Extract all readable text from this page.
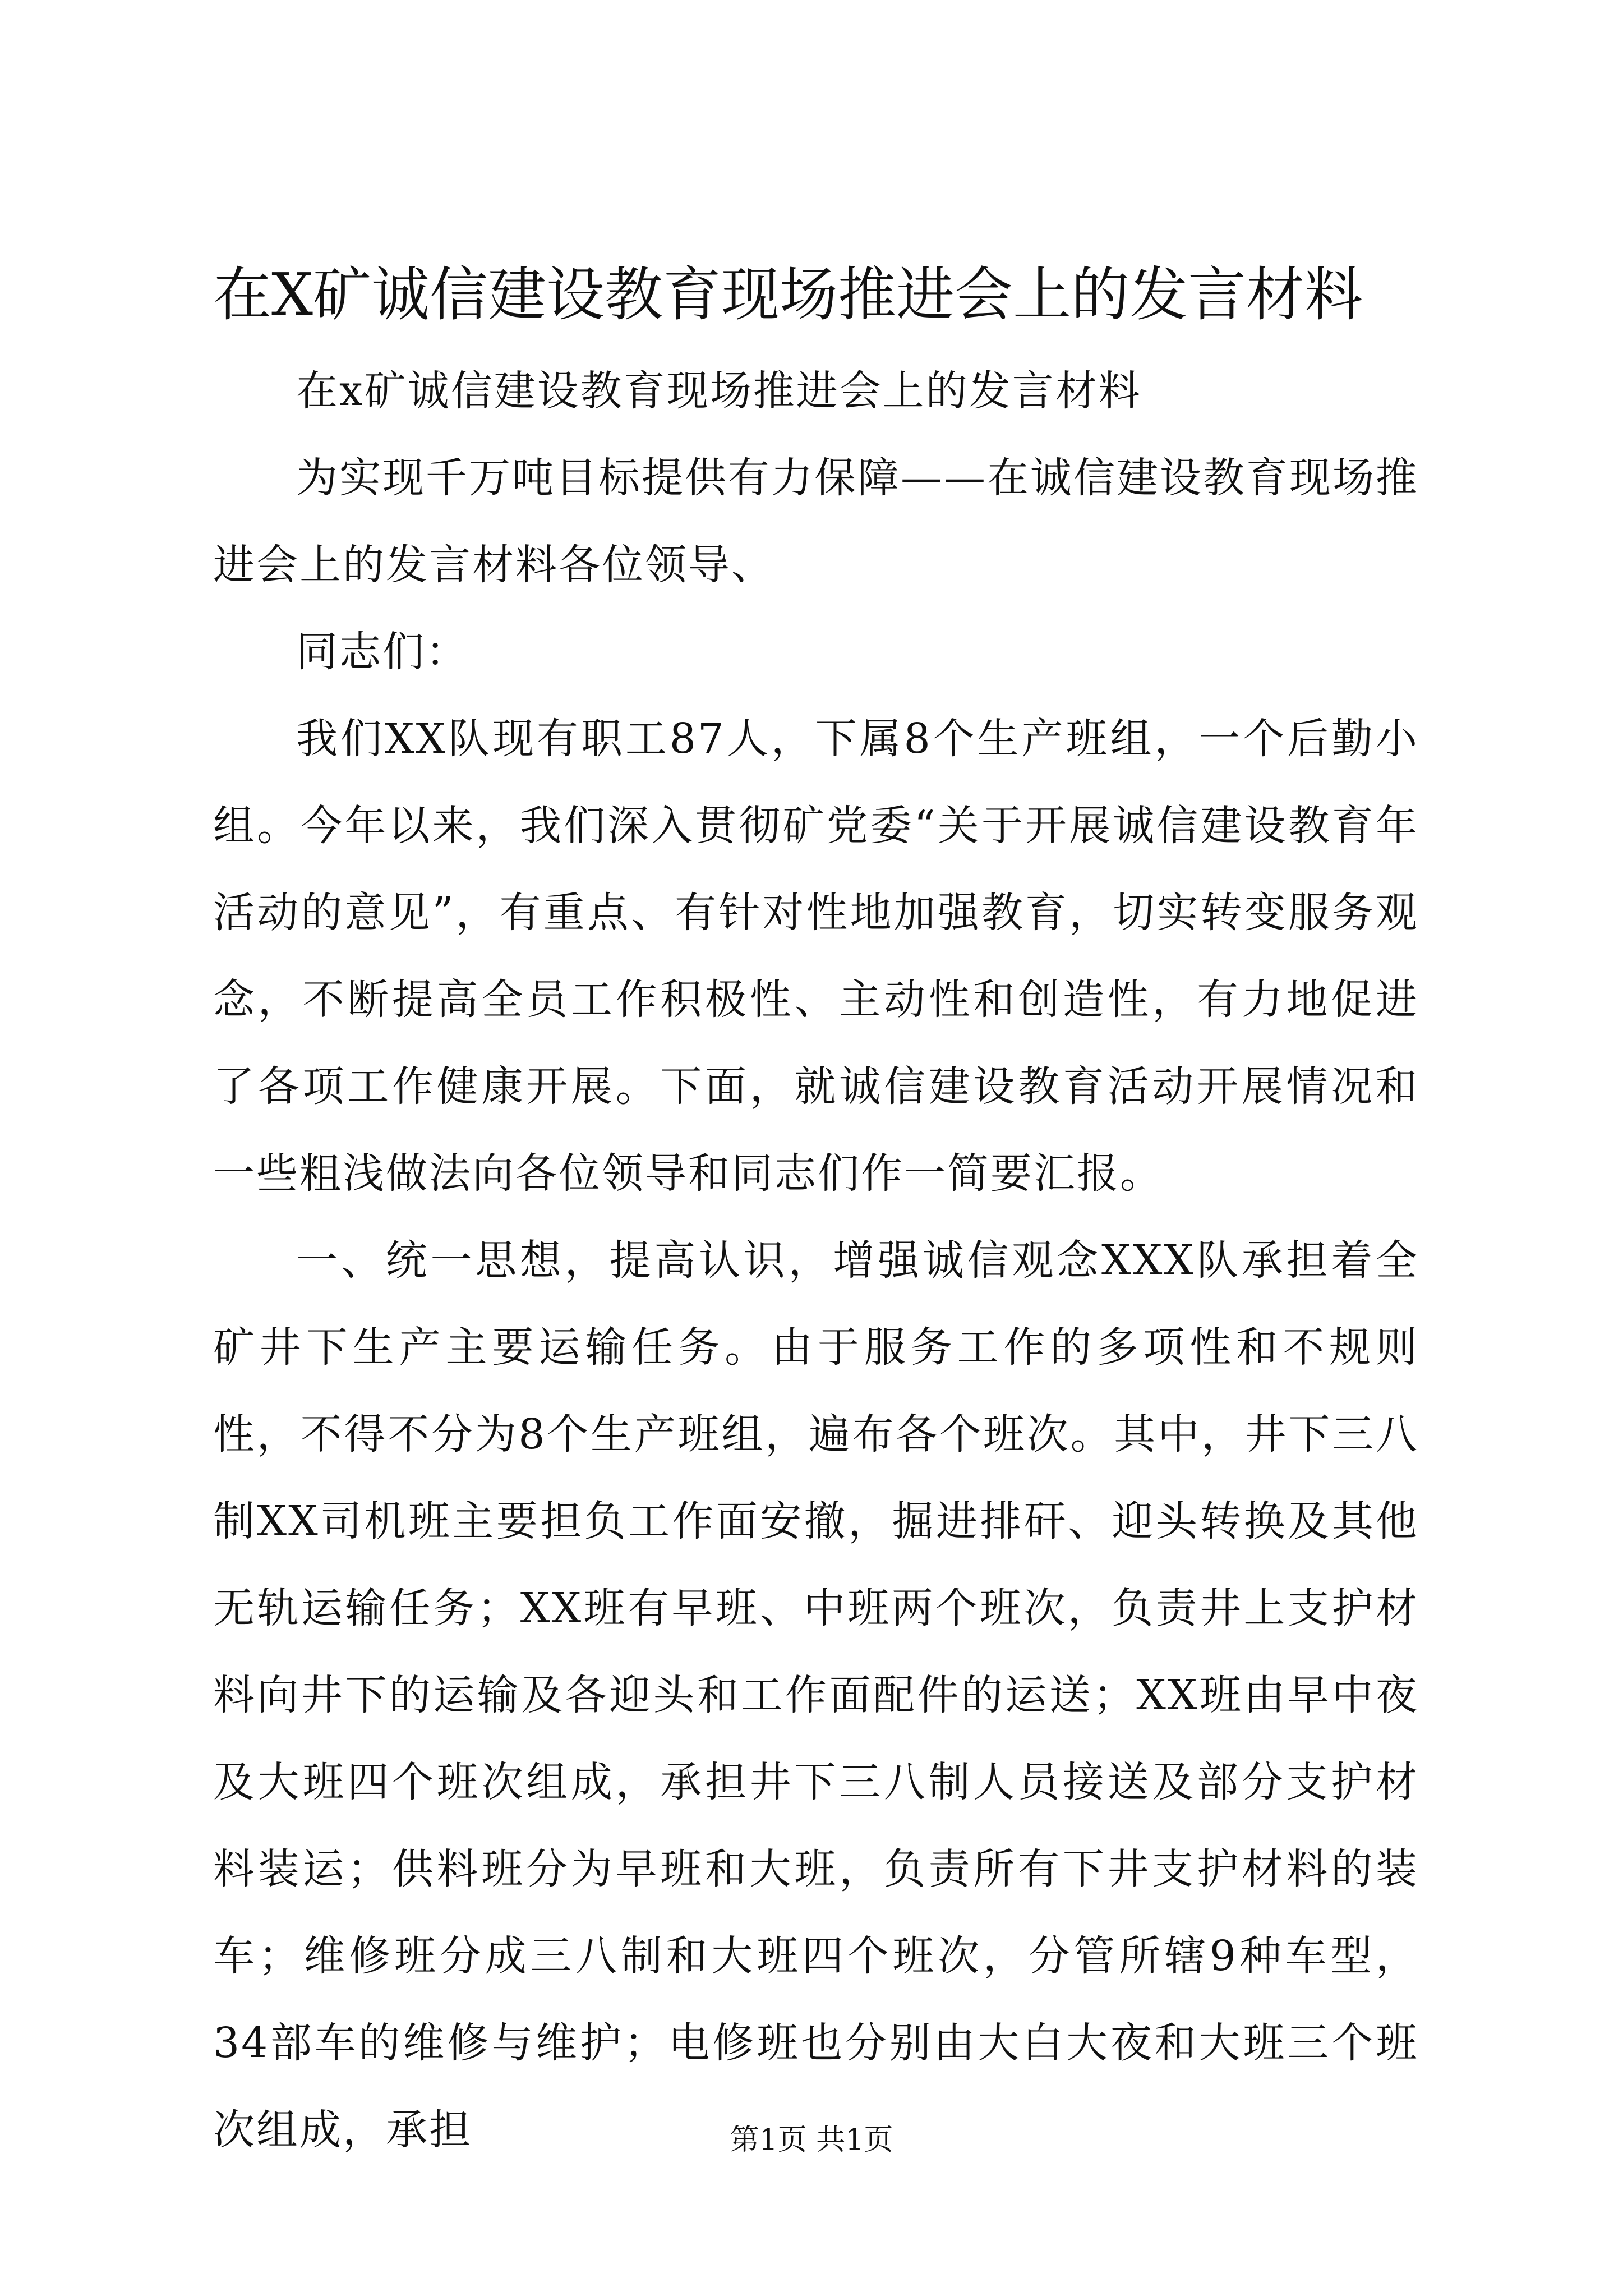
在X矿诚信建设教育现场推进会上的发言材料

在x矿诚信建设教育现场推进会上的发言材料

为实现千万吨目标提供有力保障——在诚信建设教育现场推进会上的发言材料各位领导、

同志们：

我们XX队现有职工87人，下属8个生产班组，一个后勤小组。今年以来，我们深入贯彻矿党委“关于开展诚信建设教育年活动的意见”，有重点、有针对性地加强教育，切实转变服务观念，不断提高全员工作积极性、主动性和创造性，有力地促进了各项工作健康开展。下面，就诚信建设教育活动开展情况和一些粗浅做法向各位领导和同志们作一简要汇报。

一、统一思想，提高认识，增强诚信观念XXX队承担着全矿井下生产主要运输任务。由于服务工作的多项性和不规则性，不得不分为8个生产班组，遍布各个班次。其中，井下三八制XX司机班主要担负工作面安撤，掘进排矸、迎头转换及其他无轨运输任务；XX班有早班、中班两个班次，负责井上支护材料向井下的运输及各迎头和工作面配件的运送；XX班由早中夜及大班四个班次组成，承担井下三八制人员接送及部分支护材料装运；供料班分为早班和大班，负责所有下井支护材料的装车；维修班分成三八制和大班四个班次，分管所辖9种车型，34部车的维修与维护；电修班也分别由大白大夜和大班三个班次组成，承担	第1页 共1页
